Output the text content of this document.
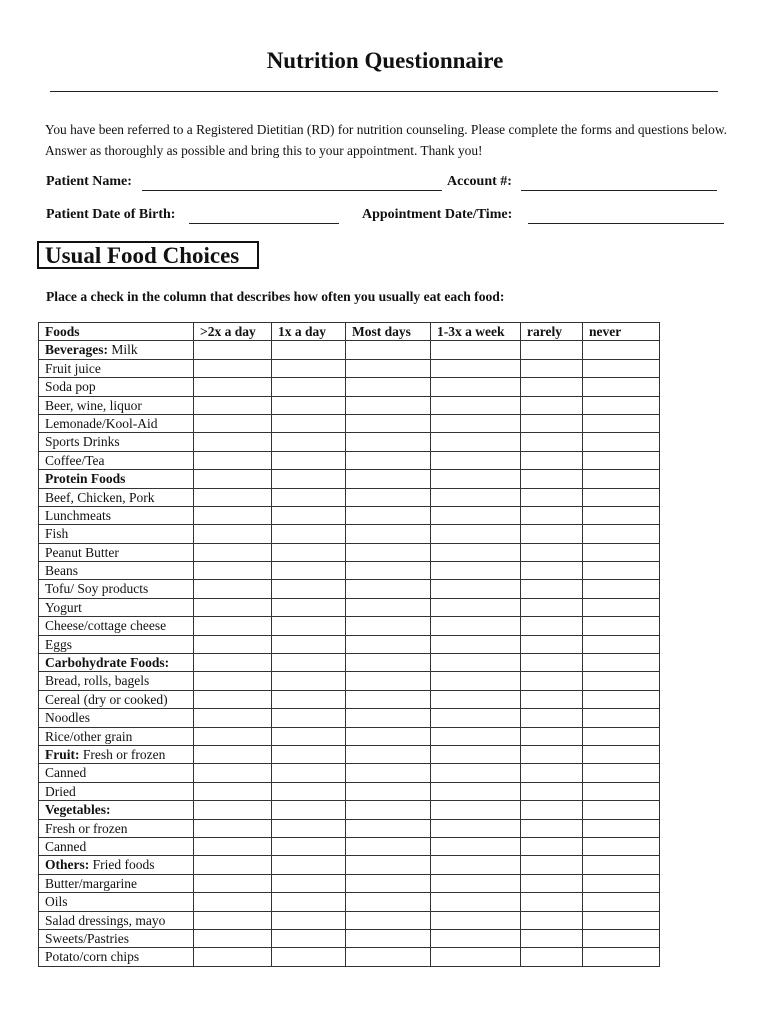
Nutrition Questionnaire
You have been referred to a Registered Dietitian (RD) for nutrition counseling. Please complete the forms and questions below. Answer as thoroughly as possible and bring this to your appointment. Thank you!
Patient Name:	Account #:
Patient Date of Birth:	Appointment Date/Time:
Usual Food Choices
Place a check in the column that describes how often you usually eat each food:
Foods	>2x a day	1x a day	Most days	1-3x a week	rarely	never
Beverages: Milk						
Fruit juice						
Soda pop						
Beer, wine, liquor						
Lemonade/Kool-Aid						
Sports Drinks						
Coffee/Tea						
Protein Foods						
Beef, Chicken, Pork						
Lunchmeats						
Fish						
Peanut Butter						
Beans						
Tofu/ Soy products						
Yogurt						
Cheese/cottage cheese						
Eggs						
Carbohydrate Foods:						
Bread, rolls, bagels						
Cereal (dry or cooked)						
Noodles						
Rice/other grain						
Fruit: Fresh or frozen						
Canned						
Dried						
Vegetables:						
Fresh or frozen						
Canned						
Others: Fried foods						
Butter/margarine						
Oils						
Salad dressings, mayo						
Sweets/Pastries						
Potato/corn chips						
